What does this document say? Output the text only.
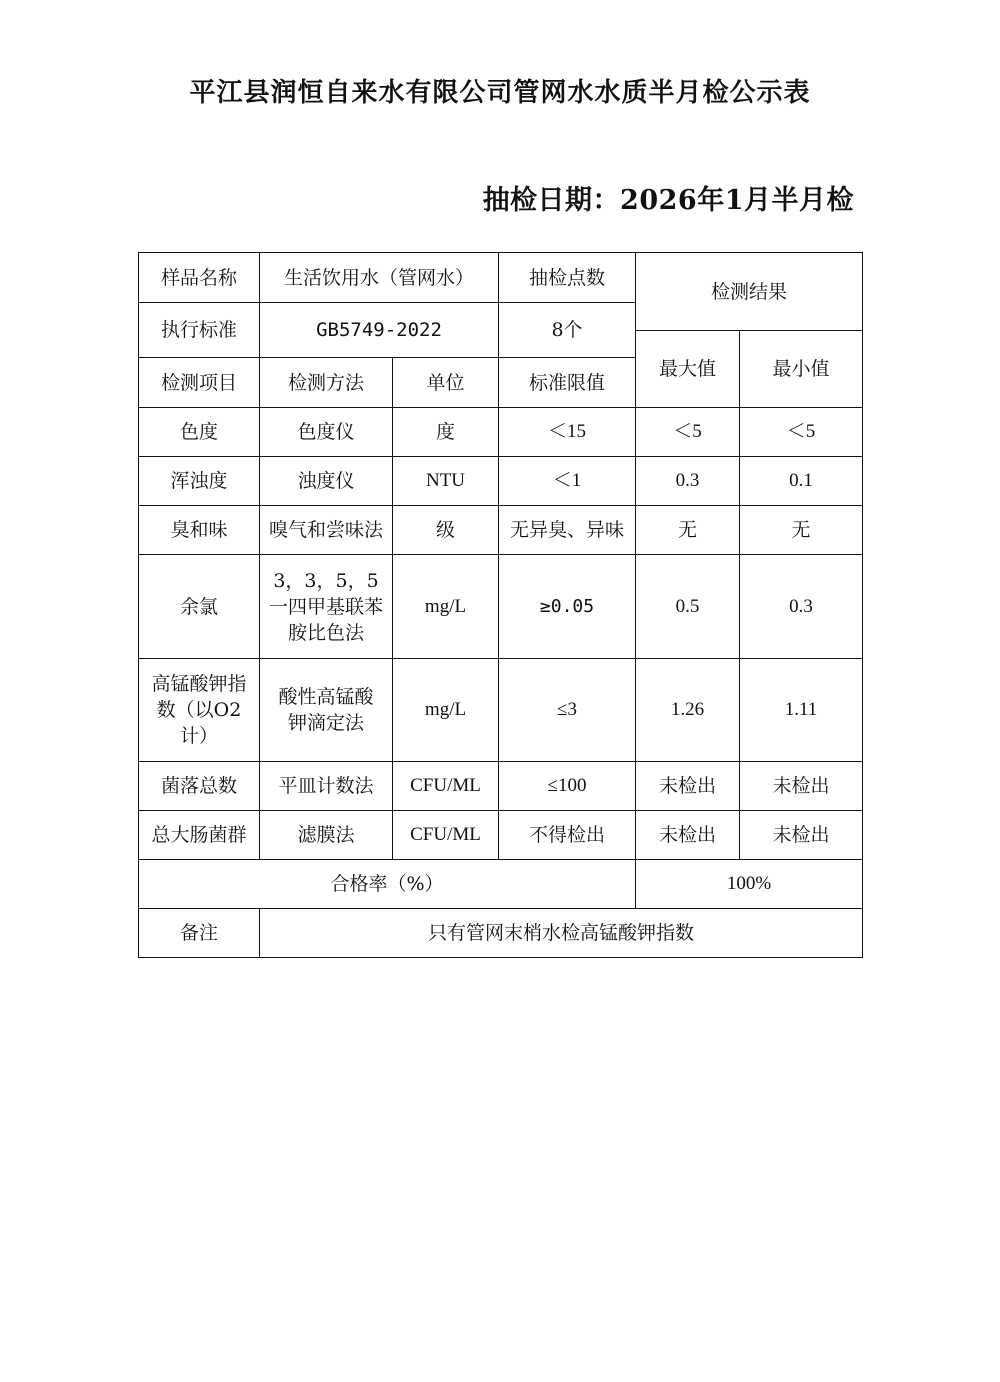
平江县润恒自来水有限公司管网水水质半月检公示表
抽检日期：2026年1月半月检
样品名称	生活饮用水（管网水）		抽检点数	检测结果	
执行标准	GB5749-2022		8个		
				最大值	最小值
检测项目	检测方法	单位	标准限值		
色度	色度仪	度	＜15	＜5	＜5
浑浊度	浊度仪	NTU	＜1	0.3	0.1
臭和味	嗅气和尝味法	级	无异臭、异味	无	无
余氯	3，3，5，5一四甲基联苯胺比色法	mg/L	≥0.05	0.5	0.3
高锰酸钾指数（以O2计）	酸性高锰酸钾滴定法	mg/L	≤3	1.26	1.11
菌落总数	平皿计数法	CFU/ML	≤100	未检出	未检出
总大肠菌群	滤膜法	CFU/ML	不得检出	未检出	未检出
合格率（%）				100%	
备注	只有管网末梢水检高锰酸钾指数				
